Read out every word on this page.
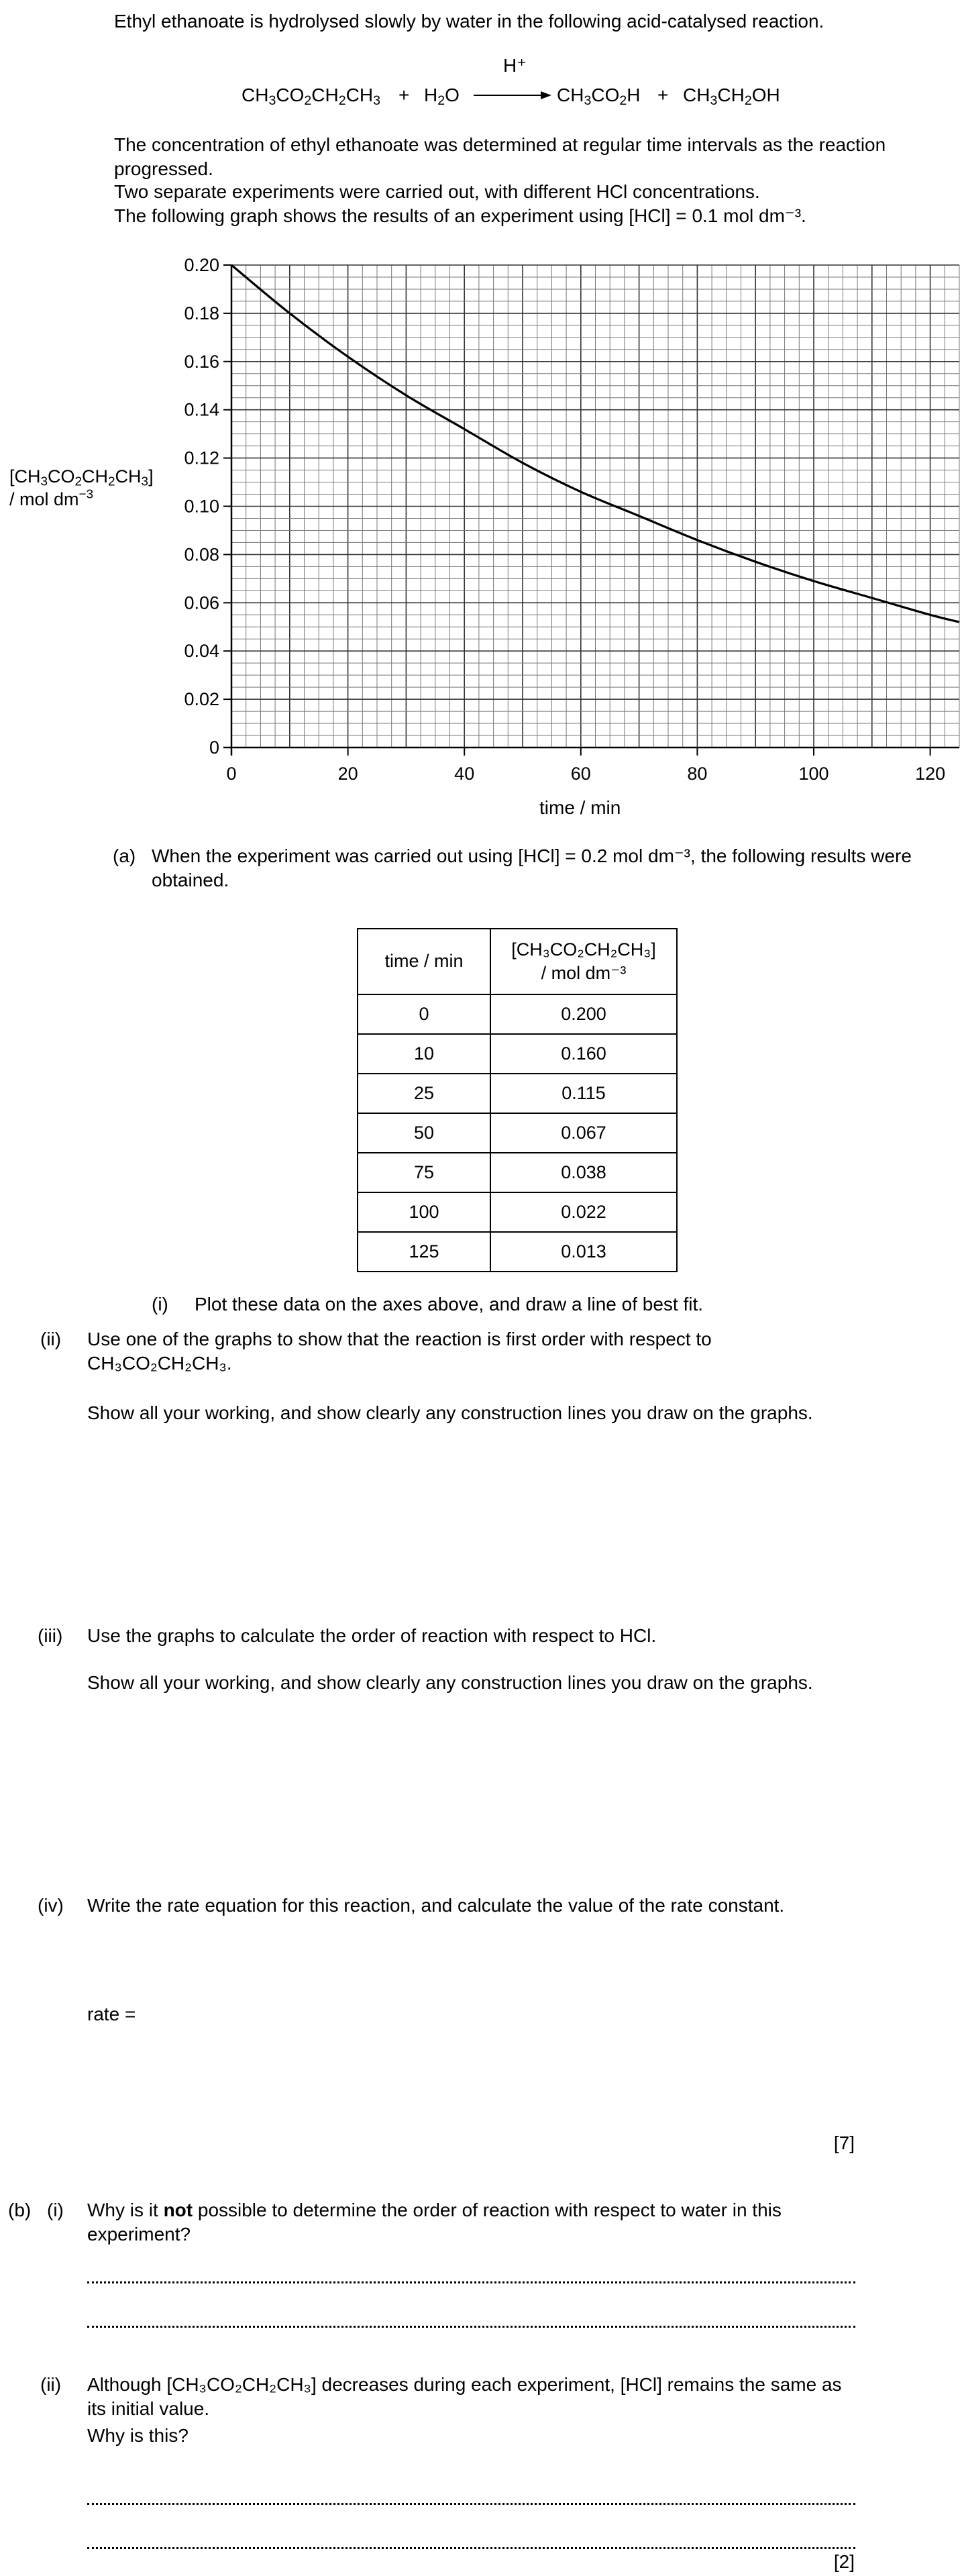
Ethyl ethanoate is hydrolysed slowly by water in the following acid-catalysed reaction.

$CH_3CO_2CH_2CH_3 + H_2O$
H⁺
$CH_3CO_2H + CH_3CH_2OH$

The concentration of ethyl ethanoate was determined at regular time intervals as the reaction progressed.

Two separate experiments were carried out, with different HCl concentrations.

The following graph shows the results of an experiment using [HCl] = 0.1 mol dm⁻³.

$[CH_3CO_2CH_2CH_3]$
/ mol $dm^{-3}$
0
0.02
0.04
0.06
0.08
0.10
0.12
0.14
0.16
0.18
0.20
0	20	40	60	80	100	120

time / min

(a) When the experiment was carried out using [HCl] = 0.2 mol dm⁻³, the following results were obtained.

time / min	[CH₃CO₂CH₂CH₃]
/ mol dm⁻³

0	0.200
10	0.160
25	0.115
50	0.067
75	0.038
100	0.022
125	0.013

(i) Plot these data on the axes above, and draw a line of best fit.

(ii) Use one of the graphs to show that the reaction is first order with respect to CH₃CO₂CH₂CH₃.

Show all your working, and show clearly any construction lines you draw on the graphs.

(iii) Use the graphs to calculate the order of reaction with respect to HCl.

Show all your working, and show clearly any construction lines you draw on the graphs.

(iv) Write the rate equation for this reaction, and calculate the value of the rate constant.

rate =

[7]

(b) (i) Why is it not possible to determine the order of reaction with respect to water in this experiment?

(ii) Although [CH₃CO₂CH₂CH₃] decreases during each experiment, [HCl] remains the same as its initial value.

Why is this?

[2]
